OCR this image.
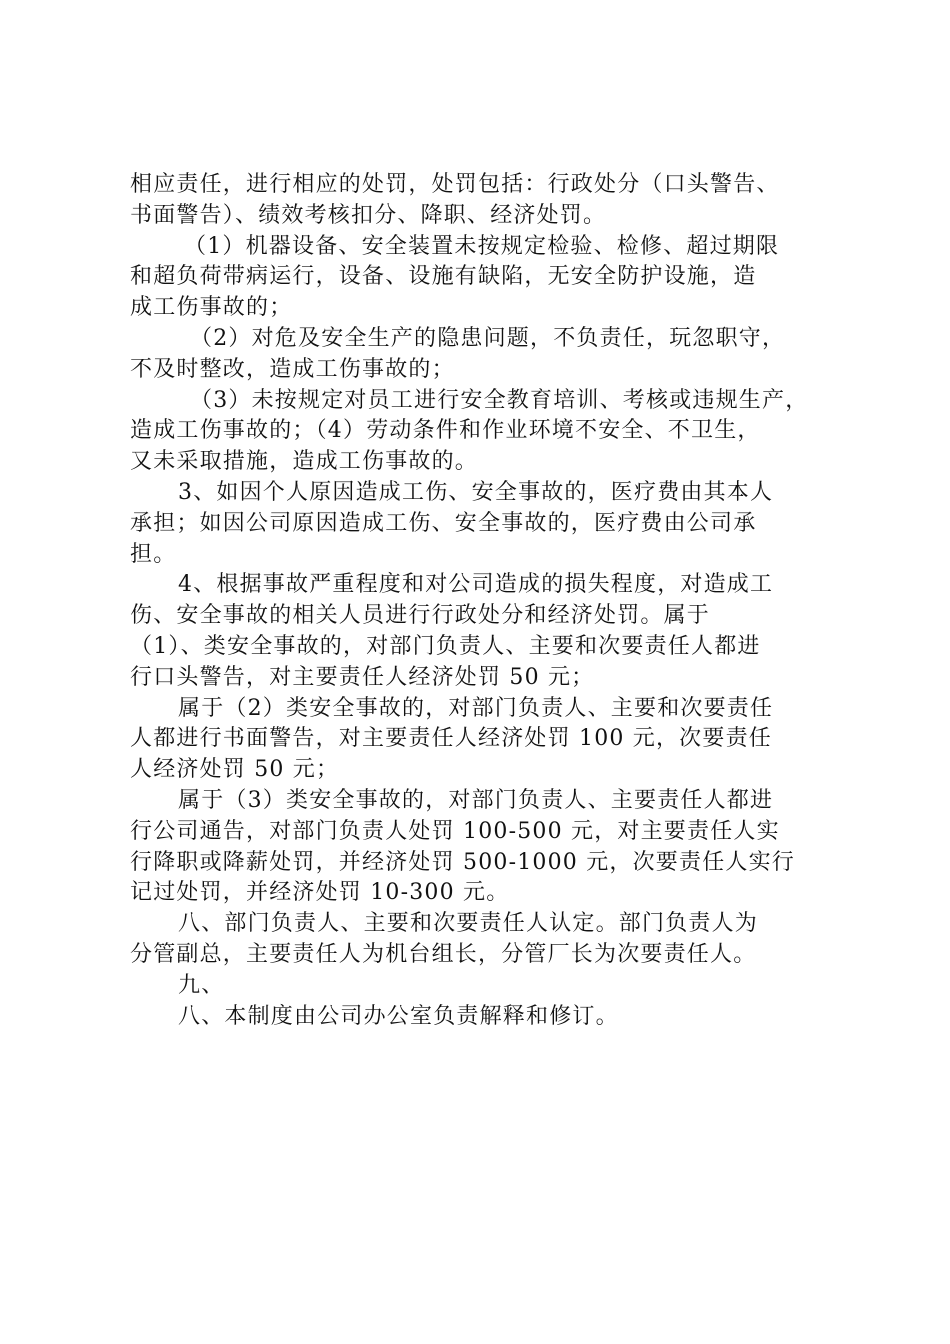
相应责任，进行相应的处罚，处罚包括：行政处分（口头警告、
书面警告）、绩效考核扣分、降职、经济处罚。
（1）机器设备、安全装置未按规定检验、检修、超过期限
和超负荷带病运行，设备、设施有缺陷，无安全防护设施，造
成工伤事故的；
（2）对危及安全生产的隐患问题，不负责任，玩忽职守，
不及时整改，造成工伤事故的；
（3）未按规定对员工进行安全教育培训、考核或违规生产，
造成工伤事故的；（4）劳动条件和作业环境不安全、不卫生，
又未采取措施，造成工伤事故的。
3、如因个人原因造成工伤、安全事故的，医疗费由其本人
承担；如因公司原因造成工伤、安全事故的，医疗费由公司承
担。
4、根据事故严重程度和对公司造成的损失程度，对造成工
伤、安全事故的相关人员进行行政处分和经济处罚。属于
（1）、类安全事故的，对部门负责人、主要和次要责任人都进
行口头警告，对主要责任人经济处罚 50 元；
属于（2）类安全事故的，对部门负责人、主要和次要责任
人都进行书面警告，对主要责任人经济处罚 100 元，次要责任
人经济处罚 50 元；
属于（3）类安全事故的，对部门负责人、主要责任人都进
行公司通告，对部门负责人处罚 100-500 元，对主要责任人实
行降职或降薪处罚，并经济处罚 500-1000 元，次要责任人实行
记过处罚，并经济处罚 10-300 元。
八、部门负责人、主要和次要责任人认定。部门负责人为
分管副总，主要责任人为机台组长，分管厂长为次要责任人。
九、
八、本制度由公司办公室负责解释和修订。
